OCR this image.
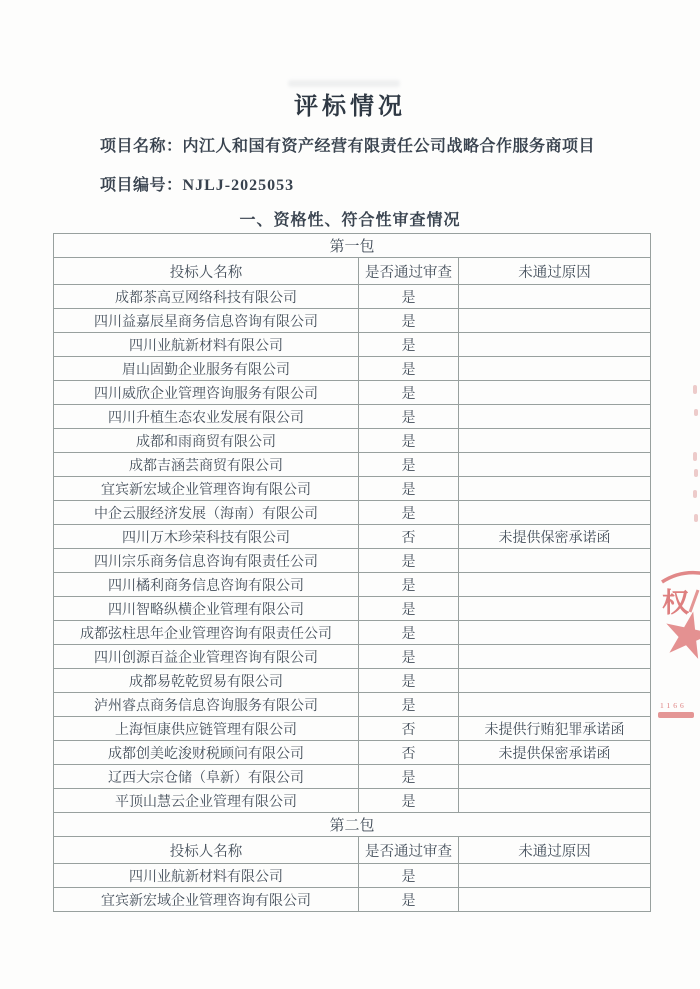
评标情况
项目名称：内江人和国有资产经营有限责任公司战略合作服务商项目
项目编号：NJLJ-2025053
一、资格性、符合性审查情况
第一包		
投标人名称	是否通过审查	未通过原因
成都茶高豆网络科技有限公司	是	
四川益嘉辰星商务信息咨询有限公司	是	
四川业航新材料有限公司	是	
眉山固勤企业服务有限公司	是	
四川威欣企业管理咨询服务有限公司	是	
四川升植生态农业发展有限公司	是	
成都和雨商贸有限公司	是	
成都吉涵芸商贸有限公司	是	
宜宾新宏域企业管理咨询有限公司	是	
中企云服经济发展（海南）有限公司	是	
四川万木珍荣科技有限公司	否	未提供保密承诺函
四川宗乐商务信息咨询有限责任公司	是	
四川橘利商务信息咨询有限公司	是	
四川智略纵横企业管理有限公司	是	
成都弦柱思年企业管理咨询有限责任公司	是	
四川创源百益企业管理咨询有限公司	是	
成都易乾乾贸易有限公司	是	
泸州睿点商务信息咨询服务有限公司	是	
上海恒康供应链管理有限公司	否	未提供行贿犯罪承诺函
成都创美屹浚财税顾问有限公司	否	未提供保密承诺函
辽西大宗仓储（阜新）有限公司	是	
平顶山慧云企业管理有限公司	是	
第二包		
投标人名称	是否通过审查	未通过原因
四川业航新材料有限公司	是	
宜宾新宏域企业管理咨询有限公司	是	
权
1166
